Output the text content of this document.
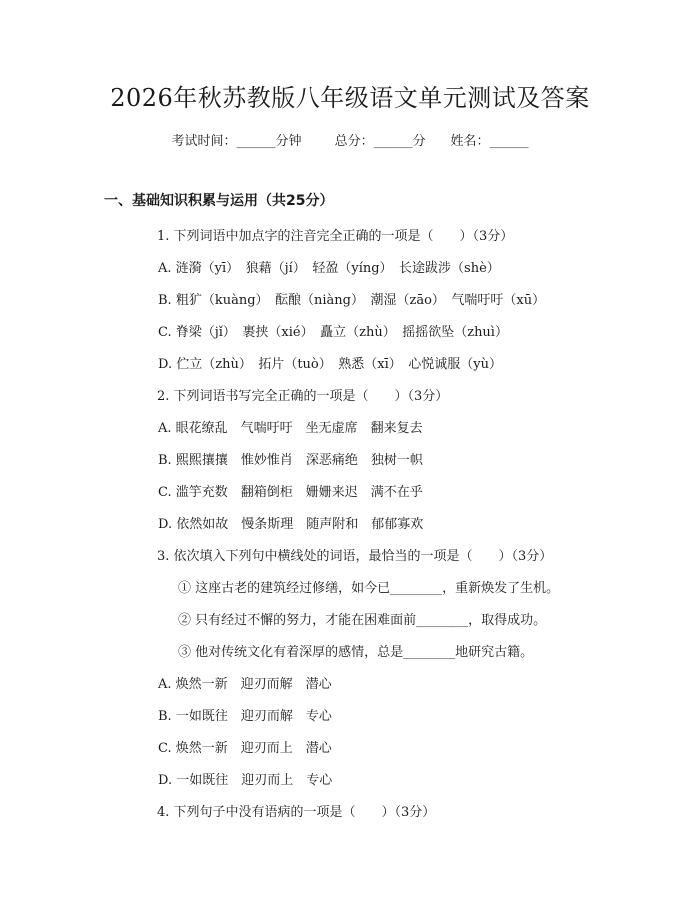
2026年秋苏教版八年级语文单元测试及答案
考试时间：______分钟	总分：______分 姓名：______
一、基础知识积累与运用（共25分）
1. 下列词语中加点字的注音完全正确的一项是（　　）（3分）
A. 涟漪（yī）　狼藉（jí）　轻盈（yíng）　长途跋涉（shè）
B. 粗犷（kuàng）　酝酿（niàng）　潮湿（zāo）　气喘吁吁（xū）
C. 脊梁（jǐ）　裹挟（xié）　矗立（zhù）　摇摇欲坠（zhuì）
D. 伫立（zhù）　拓片（tuò）　熟悉（xī）　心悦诚服（yù）
2. 下列词语书写完全正确的一项是（　　）（3分）
A. 眼花缭乱　气喘吁吁　坐无虚席　翻来复去
B. 熙熙攘攘　惟妙惟肖　深恶痛绝　独树一帜
C. 滥竽充数　翻箱倒柜　姗姗来迟　满不在乎
D. 依然如故　慢条斯理　随声附和　郁郁寡欢
3. 依次填入下列句中横线处的词语，最恰当的一项是（　　）（3分）
① 这座古老的建筑经过修缮，如今已________，重新焕发了生机。
② 只有经过不懈的努力，才能在困难面前________，取得成功。
③ 他对传统文化有着深厚的感情，总是________地研究古籍。
A. 焕然一新　迎刃而解　潜心
B. 一如既往　迎刃而解　专心
C. 焕然一新　迎刃而上　潜心
D. 一如既往　迎刃而上　专心
4. 下列句子中没有语病的一项是（　　）（3分）
